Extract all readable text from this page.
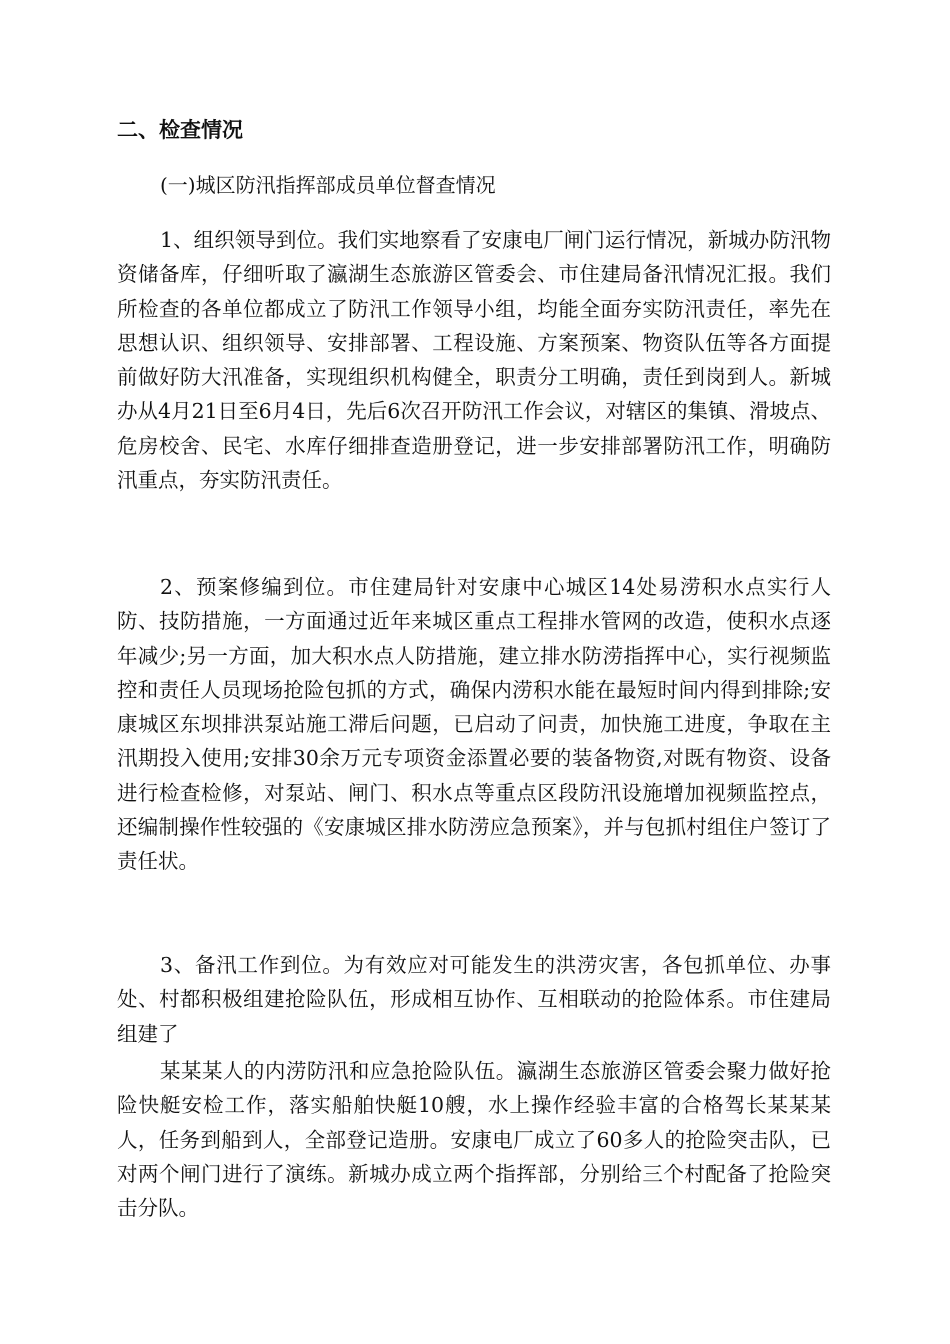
二、检查情况
(一)城区防汛指挥部成员单位督查情况

1、组织领导到位。我们实地察看了安康电厂闸门运行情况，新城办防汛物资储备库，仔细听取了瀛湖生态旅游区管委会、市住建局备汛情况汇报。我们所检查的各单位都成立了防汛工作领导小组，均能全面夯实防汛责任，率先在思想认识、组织领导、安排部署、工程设施、方案预案、物资队伍等各方面提前做好防大汛准备，实现组织机构健全，职责分工明确，责任到岗到人。新城办从4月21日至6月4日，先后6次召开防汛工作会议，对辖区的集镇、滑坡点、危房校舍、民宅、水库仔细排查造册登记，进一步安排部署防汛工作，明确防汛重点，夯实防汛责任。

2、预案修编到位。市住建局针对安康中心城区14处易涝积水点实行人防、技防措施，一方面通过近年来城区重点工程排水管网的改造，使积水点逐年减少;另一方面，加大积水点人防措施，建立排水防涝指挥中心，实行视频监控和责任人员现场抢险包抓的方式，确保内涝积水能在最短时间内得到排除;安康城区东坝排洪泵站施工滞后问题，已启动了问责，加快施工进度，争取在主汛期投入使用;安排30余万元专项资金添置必要的装备物资,对既有物资、设备进行检查检修，对泵站、闸门、积水点等重点区段防汛设施增加视频监控点，还编制操作性较强的《安康城区排水防涝应急预案》，并与包抓村组住户签订了责任状。

3、备汛工作到位。为有效应对可能发生的洪涝灾害，各包抓单位、办事处、村都积极组建抢险队伍，形成相互协作、互相联动的抢险体系。市住建局组建了

某某某人的内涝防汛和应急抢险队伍。瀛湖生态旅游区管委会聚力做好抢险快艇安检工作，落实船舶快艇10艘，水上操作经验丰富的合格驾长某某某人，任务到船到人，全部登记造册。安康电厂成立了60多人的抢险突击队，已对两个闸门进行了演练。新城办成立两个指挥部，分别给三个村配备了抢险突击分队。
